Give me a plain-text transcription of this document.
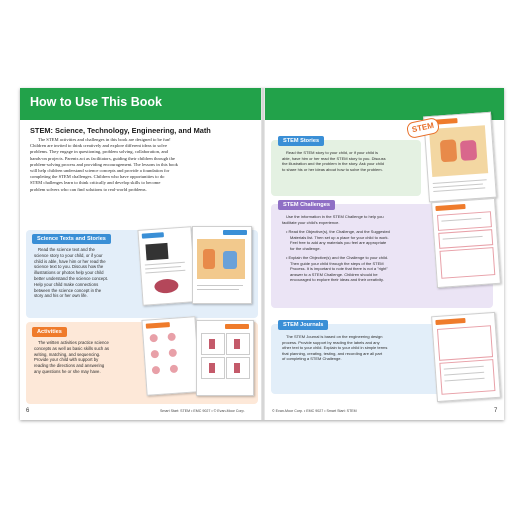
How to Use This Book
STEM: Science, Technology, Engineering, and Math
The STEM activities and challenges in this book are designed to be fun!
Children are invited to think creatively and explore different ideas to solve
problems. They engage in questioning, problem solving, collaboration, and
hands-on projects. Parents act as facilitators, guiding their children through the
problem-solving process and providing encouragement. The lessons in this book
will help children understand science concepts and provide a foundation for
completing the STEM challenges. Children who have opportunities to do
STEM challenges learn to think critically and develop skills to become
problem solvers who can find solutions to real-world problems.
Science Texts and Stories
Read the science text and the
science story to your child, or if your
child is able, have him or her read the
science text to you. Discuss how the
illustrations or photos help your child
better understand the science concept.
Help your child make connections
between the science concept in the
story and his or her own life.
Activities
The written activities practice science
concepts as well as basic skills such as
writing, matching, and sequencing.
Provide your child with support by
reading the directions and answering
any questions he or she may have.
6	Smart Start: STEM • EMC 9027 • © Evan-Moor Corp.
STEM Stories
Read the STEM story to your child, or if your child is
able, have him or her read the STEM story to you. Discuss
the illustration and the problem in the story. Ask your child
to share his or her ideas about how to solve the problem.
STEM
STEM Challenges
Use the information in the STEM Challenge to help you
facilitate your child's experience.
• Read the Objective(s), the Challenge, and the Suggested
Materials list. Then set up a place for your child to work.
Feel free to add any materials you feel are appropriate
for the challenge.
• Explain the Objective(s) and the Challenge to your child.
Then guide your child through the steps of the STEM
Process. It is important to note that there is not a "right"
answer to a STEM Challenge. Children should be
encouraged to explore their ideas and their creativity.
STEM Journals
The STEM Journal is based on the engineering design
process. Provide support by reading the labels and any
other text to your child. Explain to your child in simple terms
that planning, creating, testing, and recording are all part
of completing a STEM Challenge.
© Evan-Moor Corp. • EMC 9027 • Smart Start: STEM	7
